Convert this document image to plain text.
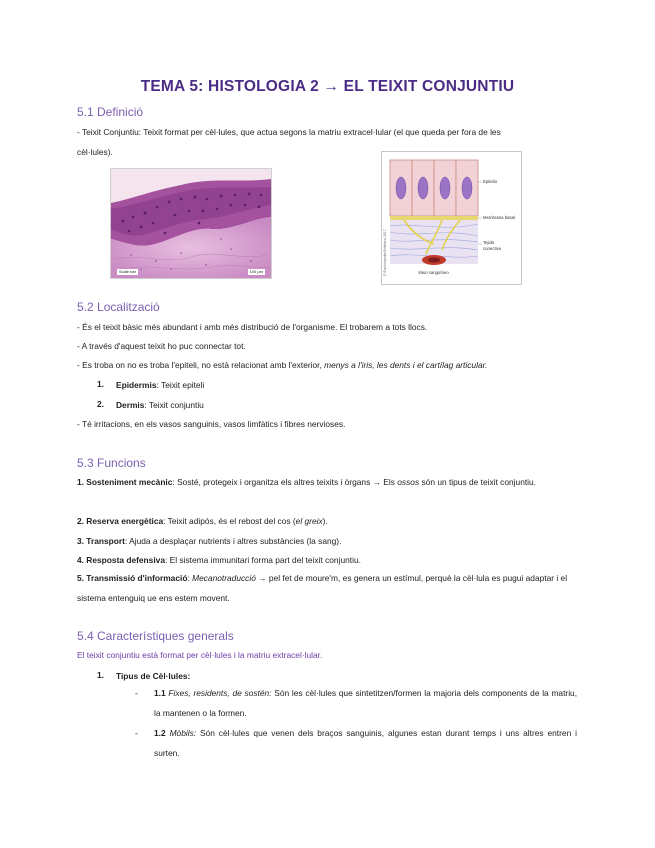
TEMA 5: HISTOLOGIA 2 → EL TEIXIT CONJUNTIU
5.1 Definició
- Teixit Conjuntiu: Teixit format per cèl·lules, que actua segons la matriu extracel·lular (el que queda per fora de les
cèl·lules).
Scale bar	100 μm
Epitelio
Membrana basal
Tejido
conectivo
Vaso sanguíneo
© Enciclopedia Británica 2017
5.2 Localització
- És el teixit bàsic més abundant i amb més distribució de l'organisme. El trobarem a tots llocs.
- A través d'aquest teixit ho puc connectar tot.
- Es troba on no es troba l'epiteli, no està relacionat amb l'exterior, menys a l'iris, les dents i el cartílag articular.
1. Epidermis: Teixit epiteli
2. Dermis: Teixit conjuntiu
- Té irritacions, en els vasos sanguinis, vasos limfàtics i fibres nervioses.
5.3 Funcions
1. Sosteniment mecànic: Sosté, protegeix i organitza els altres teixits i òrgans → Els ossos són un tipus de teixit conjuntiu.
2. Reserva energètica: Teixit adipós, és el rebost del cos (el greix).
3. Transport: Ajuda a desplaçar nutrients i altres substàncies (la sang).
4. Resposta defensiva: El sistema immunitari forma part del teixit conjuntiu.
5. Transmissió d'informació: Mecanotraducció → pel fet de moure'm, es genera un estímul, perquè la cèl·lula es pugui adaptar i el sistema entenguiq ue ens estem movent.
5.4 Característiques generals
El teixit conjuntiu està format per cèl·lules i la matriu extracel·lular.
1. Tipus de Cèl·lules:
- 1.1 Fixes, residents, de sostén: Són les cèl·lules que sintetitzen/formen la majoria dels components de la matriu, la mantenen o la formen.
- 1.2 Mòbils: Són cèl·lules que venen dels braços sanguinis, algunes estan durant temps i uns altres entren i surten.
